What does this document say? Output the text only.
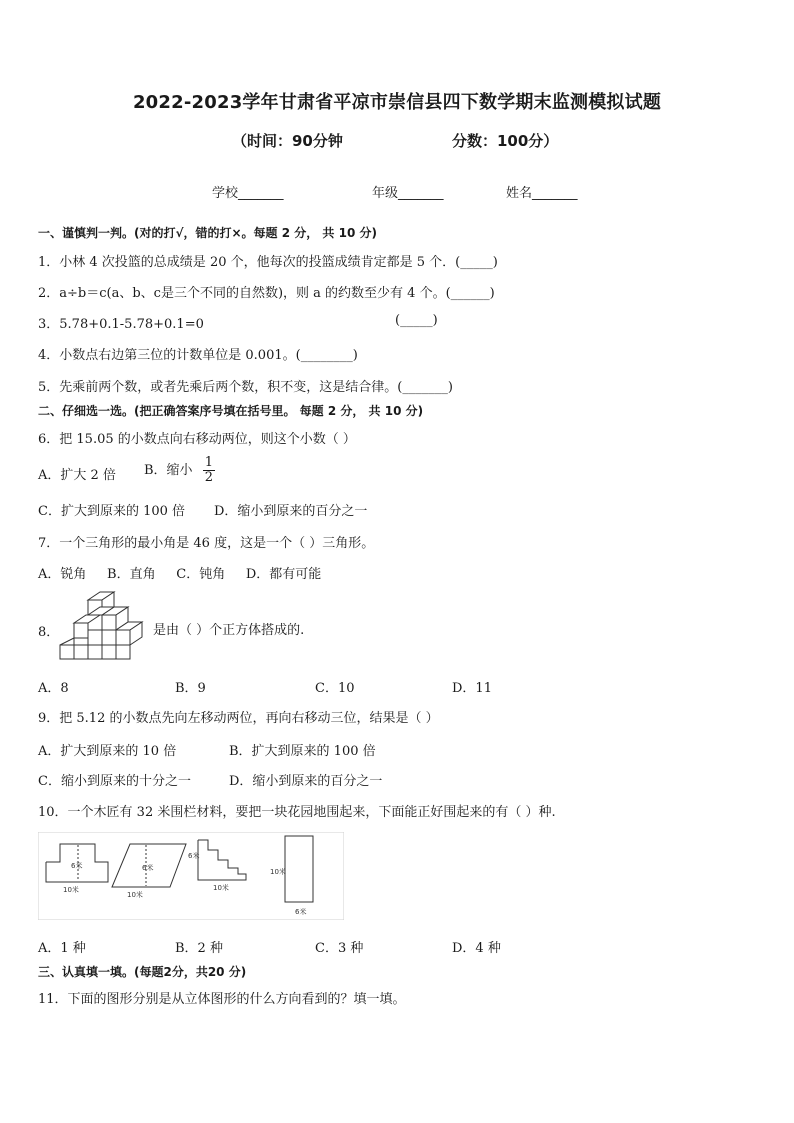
2022-2023学年甘肃省平凉市崇信县四下数学期末监测模拟试题
（时间：90分钟	分数：100分）
学校_______	年级_______	姓名_______
一、谨慎判一判。(对的打√，错的打×。每题 2 分， 共 10 分)
1．小林 4 次投篮的总成绩是 20 个，他每次的投篮成绩肯定都是 5 个．(_____)
2．a÷b＝c(a、b、c是三个不同的自然数)，则 a 的约数至少有 4 个。(______)
3．5.78+0.1-5.78+0.1=0	(_____)
4．小数点右边第三位的计数单位是 0.001。(________)
5．先乘前两个数，或者先乘后两个数，积不变，这是结合律。(_______)
二、仔细选一选。(把正确答案序号填在括号里。 每题 2 分， 共 10 分)
6．把 15.05 的小数点向右移动两位，则这个小数（ ）
A．扩大 2 倍 B．缩小 $\frac{1}{2}$
C．扩大到原来的 100 倍 D．缩小到原来的百分之一
7．一个三角形的最小角是 46 度，这是一个（ ）三角形。
A．锐角     B．直角     C．钝角     D．都有可能
8．	是由（ ）个正方体搭成的.
A．8	B．9	C．10	D．11
9．把 5.12 的小数点先向左移动两位，再向右移动三位，结果是（ ）
A．扩大到原来的 10 倍	B．扩大到原来的 100 倍
C．缩小到原来的十分之一	D．缩小到原来的百分之一
10．一个木匠有 32 米围栏材料，要把一块花园地围起来，下面能正好围起来的有（ ）种.
6米
10米
6米
10米
6米
10米
10米
6米
A．1 种	B．2 种	C．3 种	D．4 种
三、认真填一填。(每题2分，共20 分)
11．下面的图形分别是从立体图形的什么方向看到的？填一填。
